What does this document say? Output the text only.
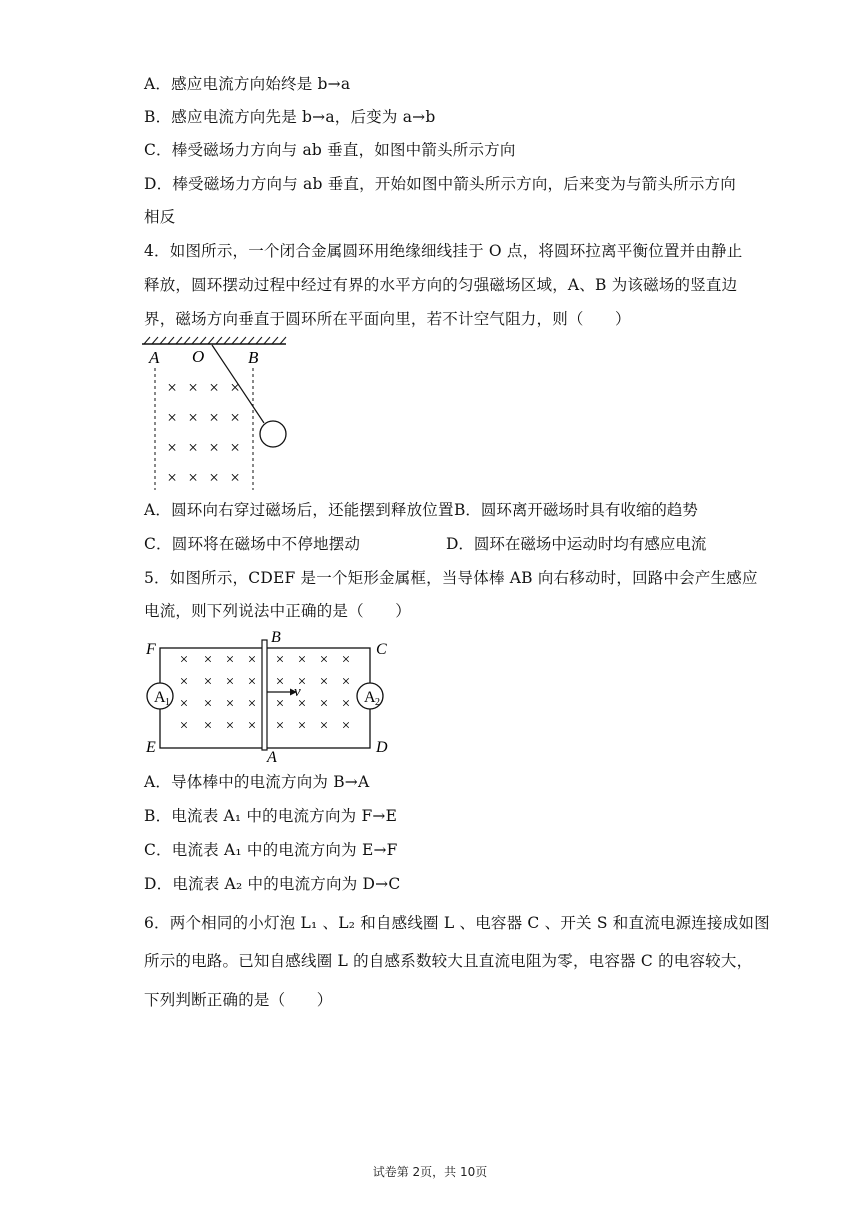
A．感应电流方向始终是 b→a
B．感应电流方向先是 b→a，后变为 a→b
C．棒受磁场力方向与 ab 垂直，如图中箭头所示方向
D．棒受磁场力方向与 ab 垂直，开始如图中箭头所示方向，后来变为与箭头所示方向
相反
4．如图所示，一个闭合金属圆环用绝缘细线挂于 O 点，将圆环拉离平衡位置并由静止
释放，圆环摆动过程中经过有界的水平方向的匀强磁场区域，A、B 为该磁场的竖直边
界，磁场方向垂直于圆环所在平面向里，若不计空气阻力，则（　　）
A O	B
× × × ×
× × × ×
× × × ×
× × × ×
A．圆环向右穿过磁场后，还能摆到释放位置 B．圆环离开磁场时具有收缩的趋势
C．圆环将在磁场中不停地摆动	D．圆环在磁场中运动时均有感应电流
5．如图所示，CDEF 是一个矩形金属框，当导体棒 AB 向右移动时，回路中会产生感应
电流，则下列说法中正确的是（　　）
A 1	A 2
v
F	C
E	D
B
A
× × × ×
× × × ×
× × × ×
× × × ×
× × × ×
× × × ×
× × × ×
× × × ×
A．导体棒中的电流方向为 B→A
B．电流表 A₁ 中的电流方向为 F→E
C．电流表 A₁ 中的电流方向为 E→F
D．电流表 A₂ 中的电流方向为 D→C
6．两个相同的小灯泡 L₁ 、L₂ 和自感线圈 L 、电容器 C 、开关 S 和直流电源连接成如图
所示的电路。已知自感线圈 L 的自感系数较大且直流电阻为零，电容器 C 的电容较大，
下列判断正确的是（　　）
试卷第 2页，共 10页
